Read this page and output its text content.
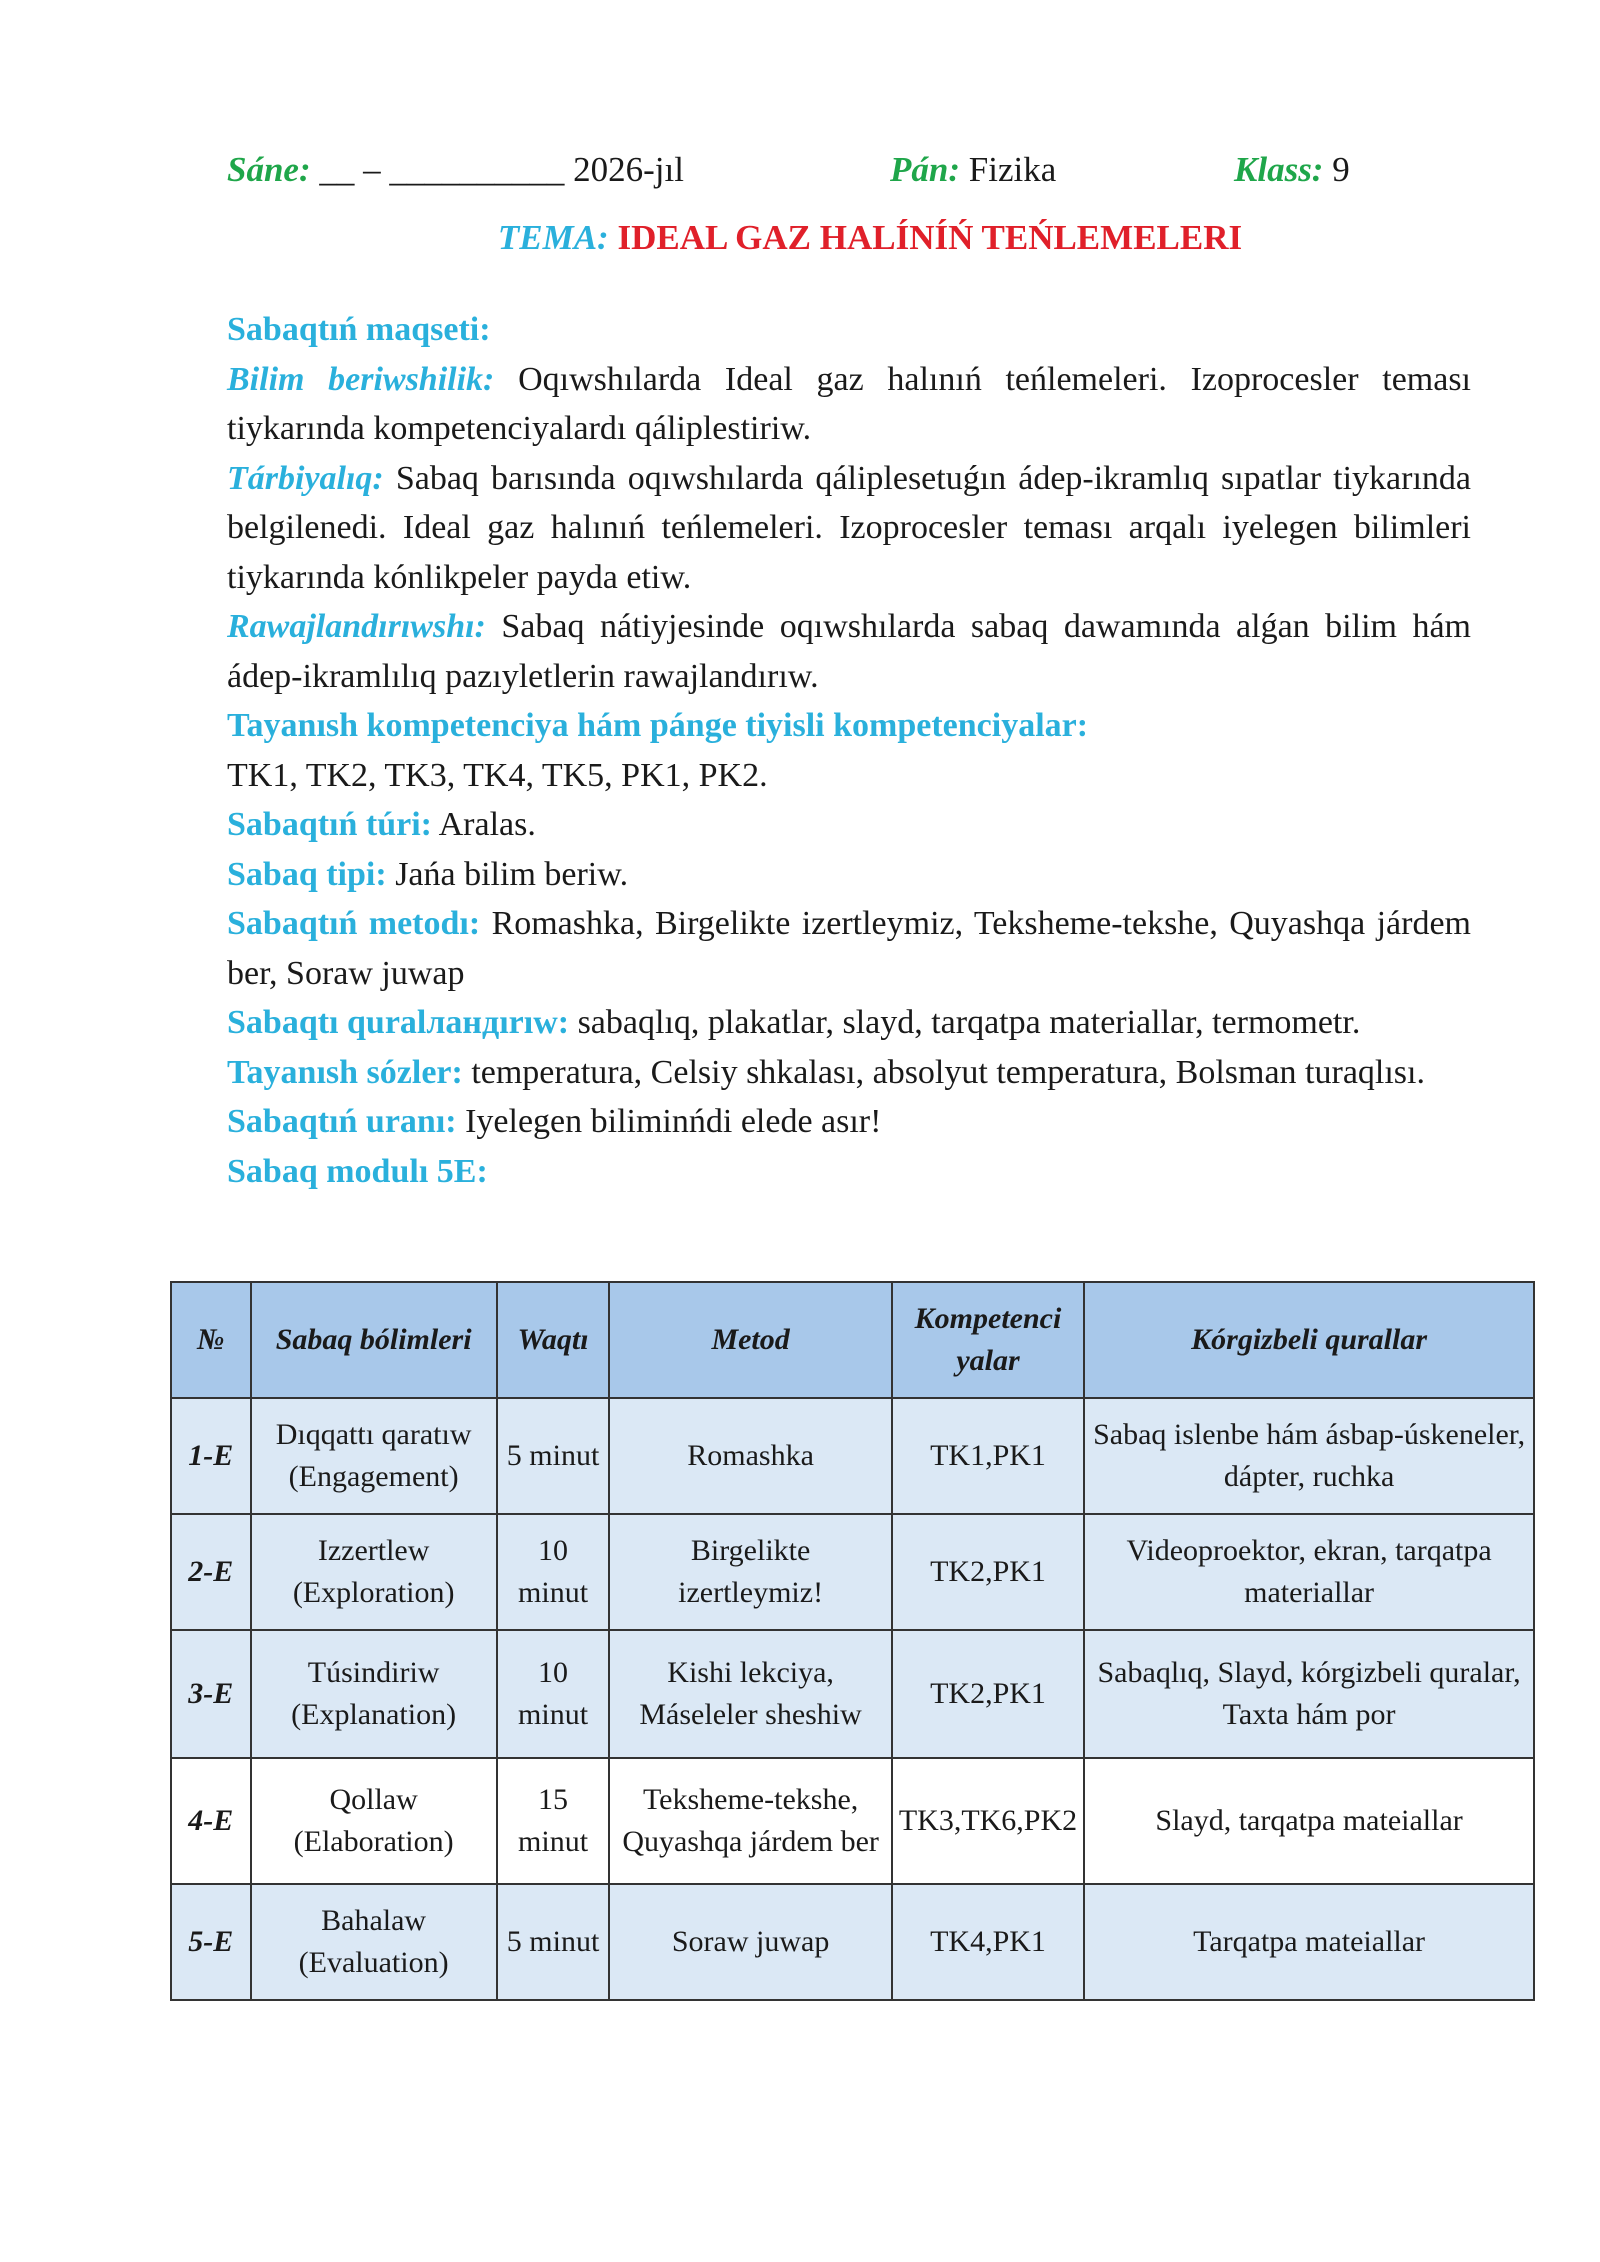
Sáne: __ – __________ 2026-jıl	Pán: Fizika	Klass: 9
TEMA: IDEAL GAZ HALÍNÍŃ TEŃLEMELERI

Sabaqtıń maqseti:

Bilim beriwshilik: Oqıwshılarda Ideal gaz halınıń teńlemeleri. Izoprocesler teması tiykarında kompetenciyalardı qáliplestiriw.

Tárbiyalıq: Sabaq barısında oqıwshılarda qáliplesetuǵın ádep-ikramlıq sıpatlar tiykarında belgilenedi. Ideal gaz halınıń teńlemeleri. Izoprocesler teması arqalı iyelegen bilimleri tiykarında kónlikpeler payda etiw.

Rawajlandırıwshı: Sabaq nátiyjesinde oqıwshılarda sabaq dawamında alǵan bilim hám ádep-ikramlılıq pazıyletlerin rawajlandırıw.

Tayanısh kompetenciya hám pánge tiyisli kompetenciyalar:

TK1, TK2, TK3, TK4, TK5, PK1, PK2.

Sabaqtıń túri: Aralas.

Sabaq tipi: Jańa bilim beriw.

Sabaqtıń metodı: Romashka, Birgelikte izertleymiz, Teksheme-tekshe, Quyashqa járdem ber, Soraw juwap

Sabaqtı quralландırıw: sabaqlıq, plakatlar, slayd, tarqatpa materiallar, termometr.

Tayanısh sózler: temperatura, Celsiy shkalası, absolyut temperatura, Bolsman turaqlısı.

Sabaqtıń uranı: Iyelegen biliminńdi elede asır!

Sabaq modulı 5E:

№	Sabaq bólimleri	Waqtı	Metod	Kompetenci yalar	Kórgizbeli qurallar
1-E	Dıqqattı qaratıw (Engagement)	5 minut	Romashka	TK1,PK1	Sabaq islenbe hám ásbap-úskeneler, dápter, ruchka
2-E	Izzertlew (Exploration)	10 minut	Birgelikte izertleymiz!	TK2,PK1	Videoproektor, ekran, tarqatpa materiallar
3-E	Túsindiriw (Explanation)	10 minut	Kishi lekciya, Máseleler sheshiw	TK2,PK1	Sabaqlıq, Slayd, kórgizbeli quralar, Taxta hám por
4-E	Qollaw (Elaboration)	15 minut	Teksheme-tekshe, Quyashqa járdem ber	TK3,TK6,PK2	Slayd, tarqatpa mateiallar
5-E	Bahalaw (Evaluation)	5 minut	Soraw juwap	TK4,PK1	Tarqatpa mateiallar
